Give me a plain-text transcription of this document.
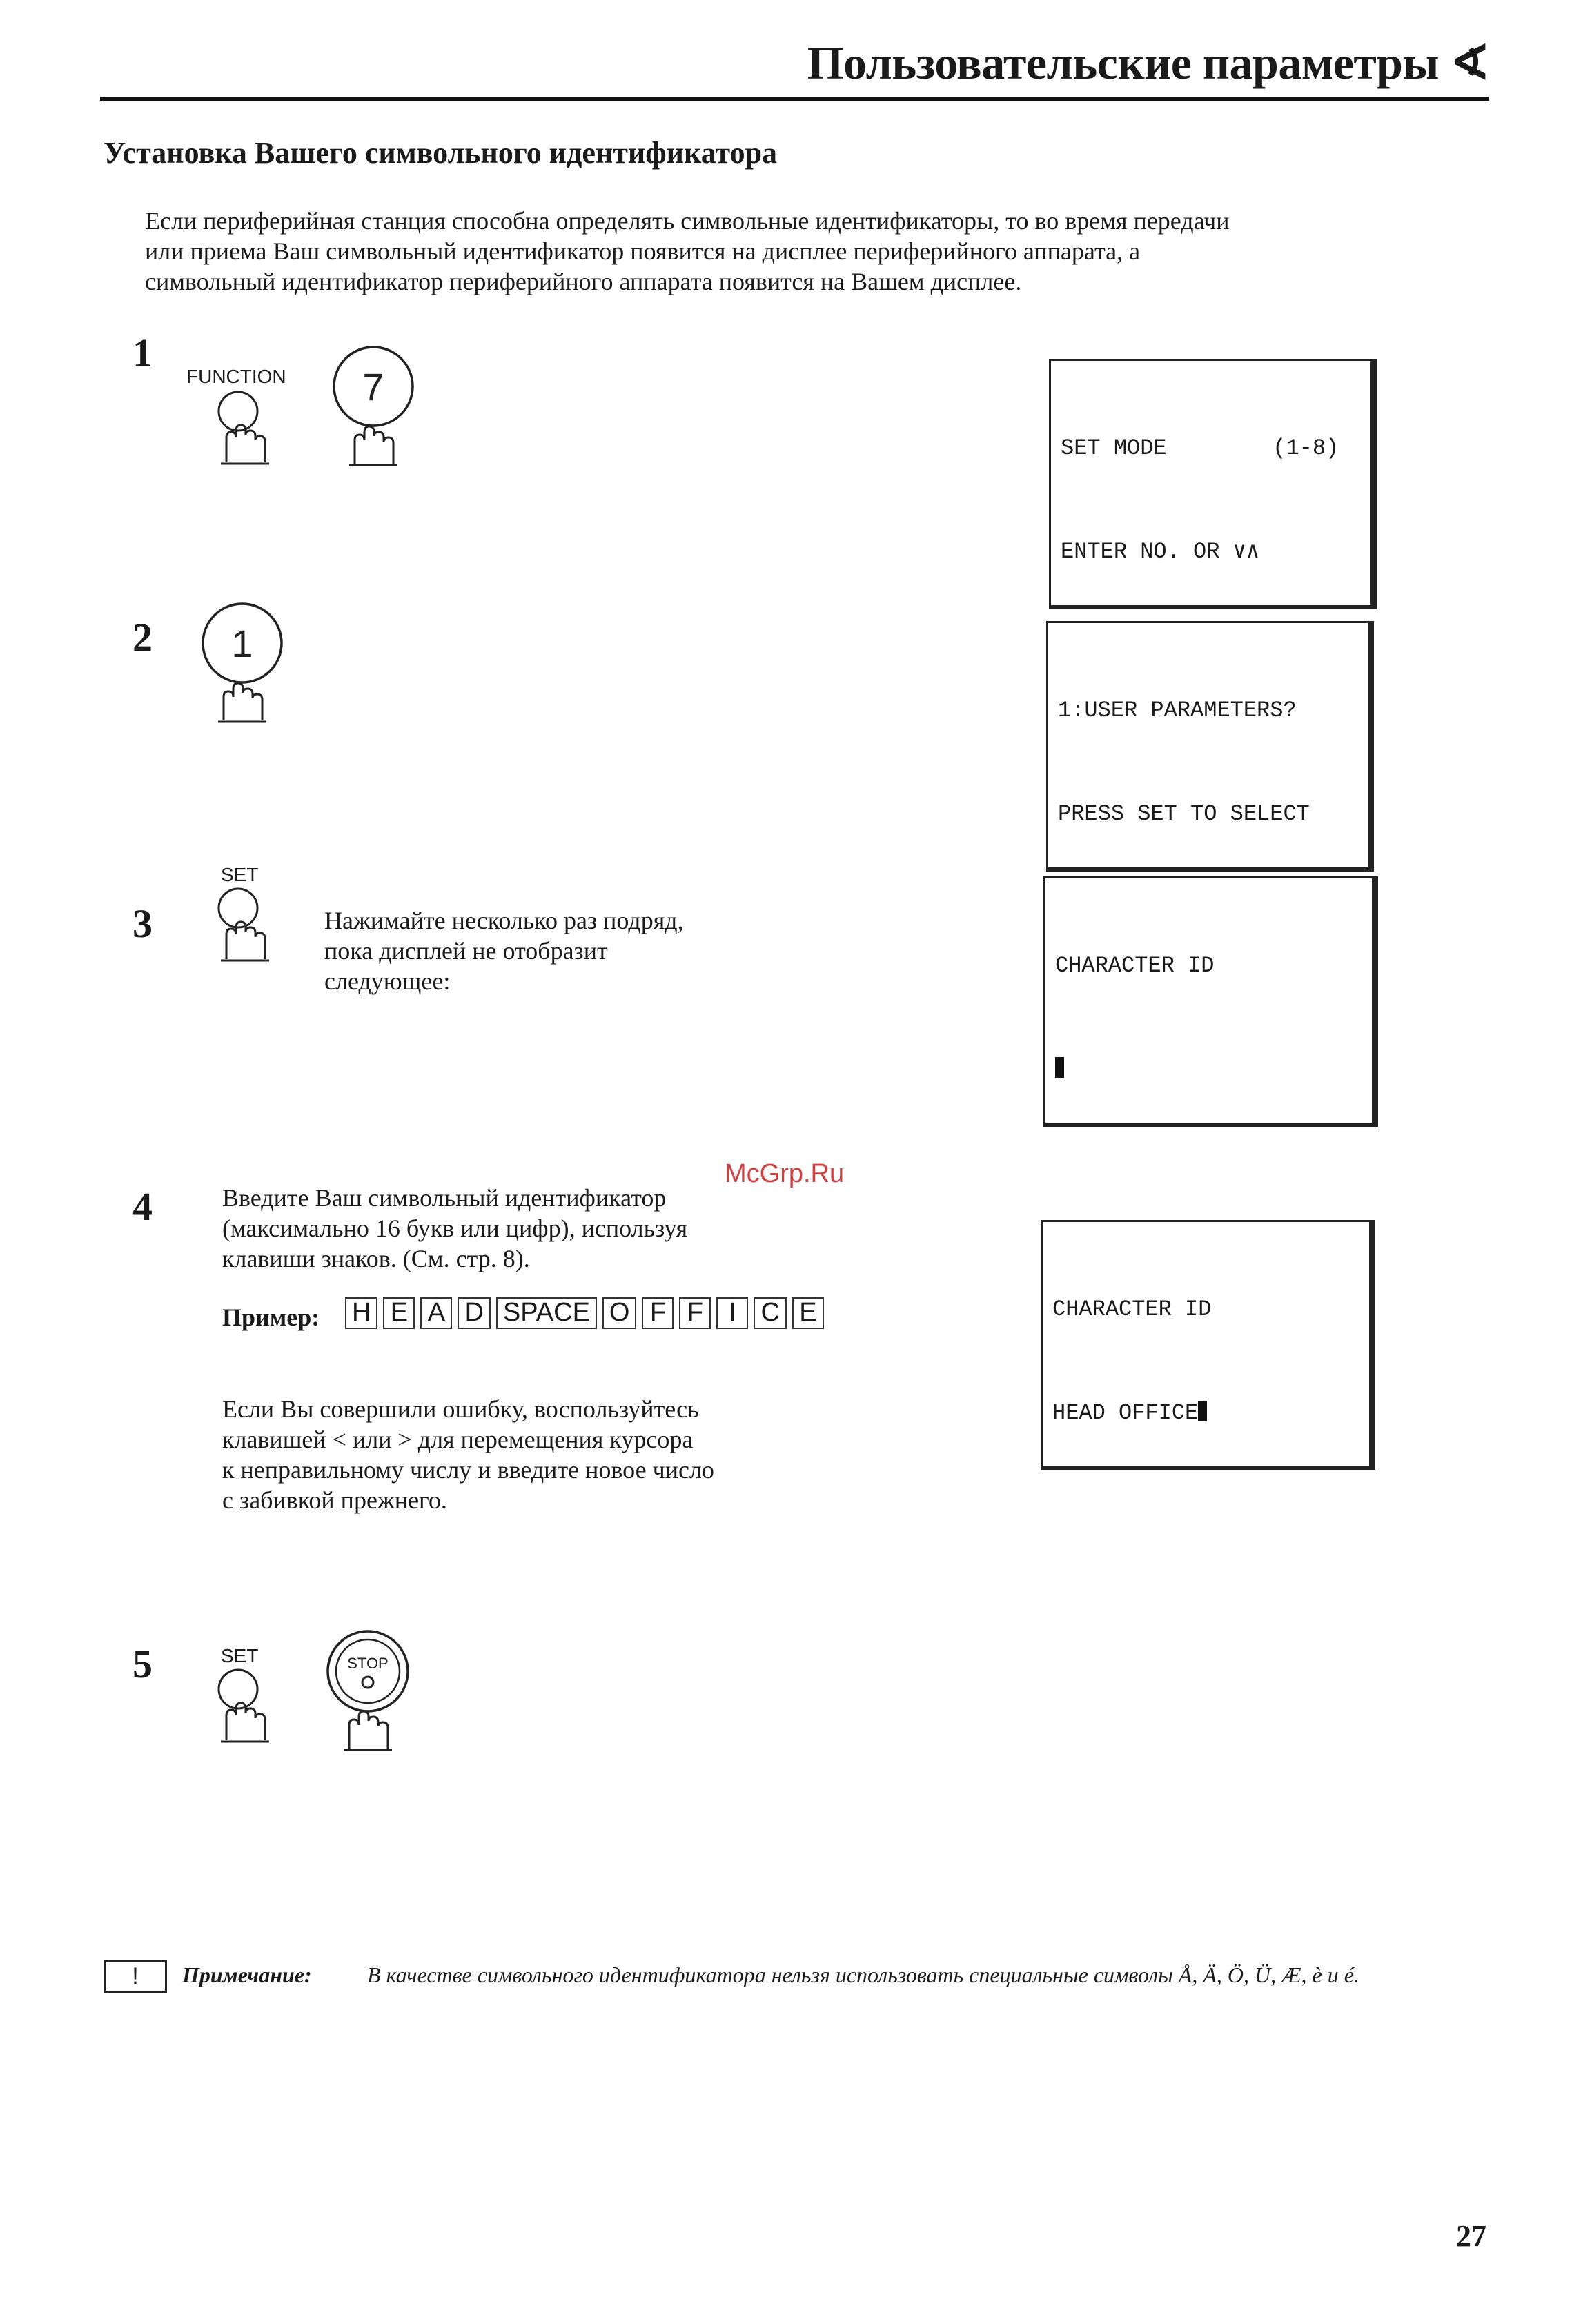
Пользовательские параметры ∢
Установка Вашего символьного идентификатора
Если периферийная станция способна определять символьные идентификаторы, то во время передачи
или приема Ваш символьный идентификатор появится на дисплее периферийного аппарата, а
символьный идентификатор периферийного аппарата появится на Вашем дисплее.
1
FUNCTION 7

SET MODE        (1-8)

ENTER NO. OR ∨∧

2 1

1:USER PARAMETERS?

PRESS SET TO SELECT

3
SET
Нажимайте несколько раз подряд,
пока дисплей не отобразит
следующее:

CHARACTER ID

4	Введите Ваш символьный идентификатор
(максимально 16 букв или цифр), используя
клавиши знаков. (См. стр. 8).
McGrp.Ru
Пример: H E A D SPACE O F F I C E

	CHARACTER ID

HEAD OFFICE

Если Вы совершили ошибку, воспользуйтесь
клавишей < или > для перемещения курсора
к неправильному числу и введите новое число
с забивкой прежнего.
5	SET	STOP
!	Примечание:	В качестве символьного идентификатора нельзя использовать специальные символы Å, Ä, Ö, Ü, Æ, è и é.
27
